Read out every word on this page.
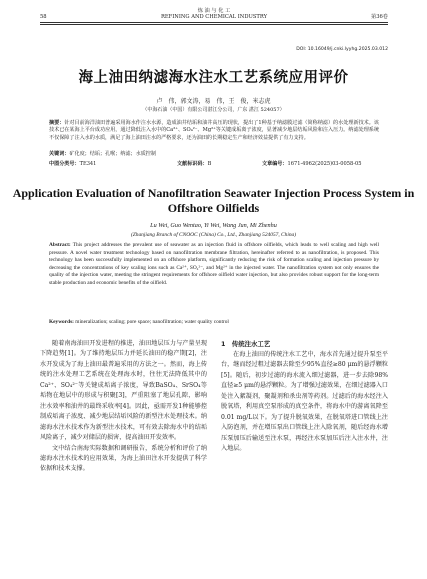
炼 油 与 化 工
58	REFINING AND CHEMICAL INDUSTRY	第36卷
DOI: 10.16049/j.cnki.lyyhg.2025.03.012
海上油田纳滤海水注水工艺系统应用评价
卢　伟，郭文涛，易　伟，王　俊，米志虎
（中海石油（中国）有限公司湛江分公司，广东 湛江 524057）
摘要：针对目前海洋油田普遍采用海水作注水水源，造成油井结垢和油井高压的现状，提出了1种基于纳滤膜过滤（简称纳滤）的水处理新技术。该技术已在某海上平台成功应用，通过降低注入水中的Ca²⁺、SO₄²⁻、Mg²⁺等关键成垢离子浓度，显著减少地层结垢风险和注入压力。纳滤处理系统不仅保障了注入水的水质，满足了海上油田注水的严格要求，还为油田的长期稳定生产和经济效益提供了有力支持。
关键词：矿化度；结垢；孔喉；纳滤；水质控制
中图分类号：TE341	文献标识码：B	文章编号：1671-4962(2025)03-0058-05
Application Evaluation of Nanofiltration Seawater Injection Process System in Offshore Oilfields
Lu Wei, Guo Wentao, Yi Wei, Wang Jun, Mi Zhenhu
(Zhanjiang Branch of CNOOC (China) Co., Ltd., Zhanjiang 524057, China)
Abstract: This project addresses the prevalent use of seawater as an injection fluid in offshore oilfields, which leads to well scaling and high well pressure. A novel water treatment technology based on nanofiltration membrane filtration, hereinafter referred to as nanofiltration, is proposed. This technology has been successfully implemented on an offshore platform, significantly reducing the risk of formation scaling and injection pressure by decreasing the concentrations of key scaling ions such as Ca²⁺, SO₄²⁻, and Mg²⁺ in the injected water. The nanofiltration system not only ensures the quality of the injection water, meeting the stringent requirements for offshore oilfield water injection, but also provides robust support for the long-term stable production and economic benefits of the oilfield.
Keywords: mineralization; scaling; pore space; nanofiltration; water quality control

随着南海油田开发进程的推进，油田地层压力与产量呈现下降趋势[1]。为了维持地层压力并延长油田的稳产期[2]，注水开发成为了海上油田最普遍采用的方法之一。然而，海上传统的注水处理工艺系统在处理海水时，往往无法降低其中的Ca²⁺、SO₄²⁻等关键成垢离子浓度，导致BaSO₄、SrSO₄等垢物在地层中的形成与积聚[3]，严重阻塞了地层孔隙，影响注水效率和油井的最终采收率[4]。因此，亟需开发1种能够控制成垢离子浓度、减少地层结垢风险的新型注水处理技术。纳滤海水注水技术作为新型注水技术，可有效去除海水中的结垢风险离子，减少对储层的损害，提高油田开发效率。

文中结合南海实际数据和调研报告，系统分析和评价了纳滤海水注水技术的应用效果，为海上油田注水开发提供了科学依据和技术支撑。

1　传统注水工艺

在海上油田的传统注水工艺中，海水首先通过提升泵至平台，继而经过粗过滤器去除至少95%直径≥80 μm的悬浮颗粒[5]。随后，初步过滤的海水流入细过滤器，进一步去除98%直径≥5 μm的悬浮颗粒。为了增强过滤效果，在细过滤器入口处注入絮凝剂，聚凝剂和杀虫剂等药剂。过滤后的海水经注入脱氧塔，利用真空泵形成的真空条件，将海水中的游离氧降至0.01 mg/L以下。为了提升脱氧效果，在脱氧塔进口管线上注入防泡剂，并在增压泵出口管线上注入除氧剂，随后经海水增压泵加压后输送至注水泵，再经注水泵加压后注入注水井，注入地层。
